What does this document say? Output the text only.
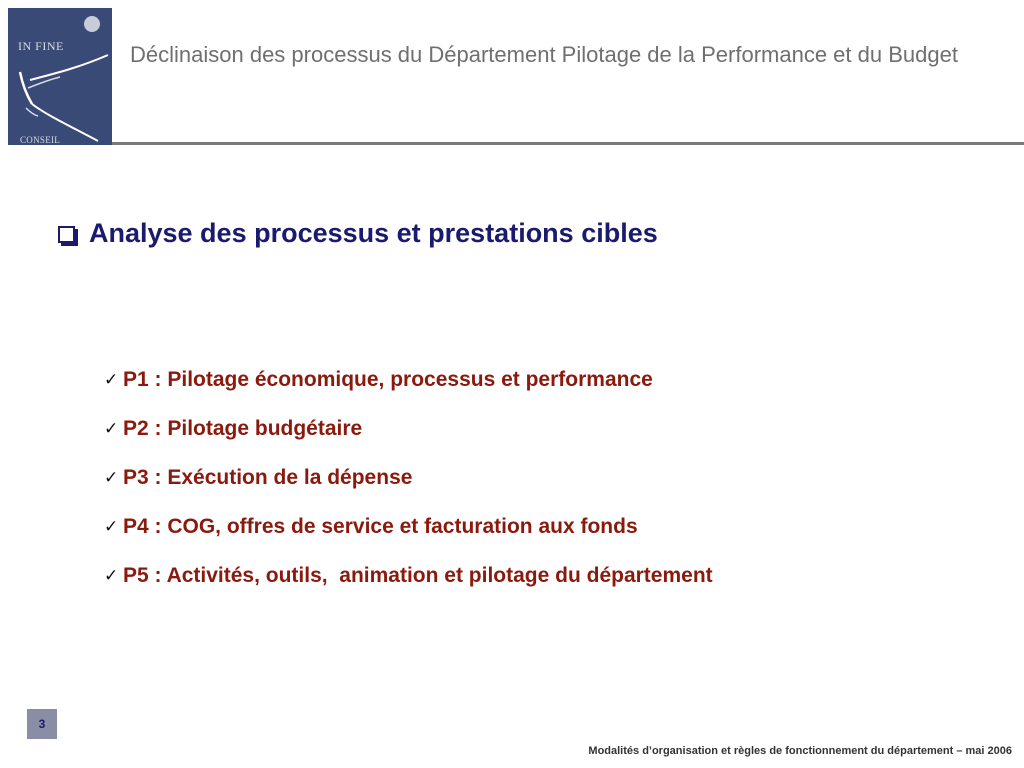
IN FINE
CONSEIL
Déclinaison des processus du Département Pilotage de la Performance et du Budget
Analyse des processus et prestations cibles
✓ P1 : Pilotage économique, processus et performance
✓ P2 : Pilotage budgétaire
✓ P3 : Exécution de la dépense
✓ P4 : COG, offres de service et facturation aux fonds
✓ P5 : Activités, outils,  animation et pilotage du département
3
Modalités d’organisation et règles de fonctionnement du département – mai 2006
